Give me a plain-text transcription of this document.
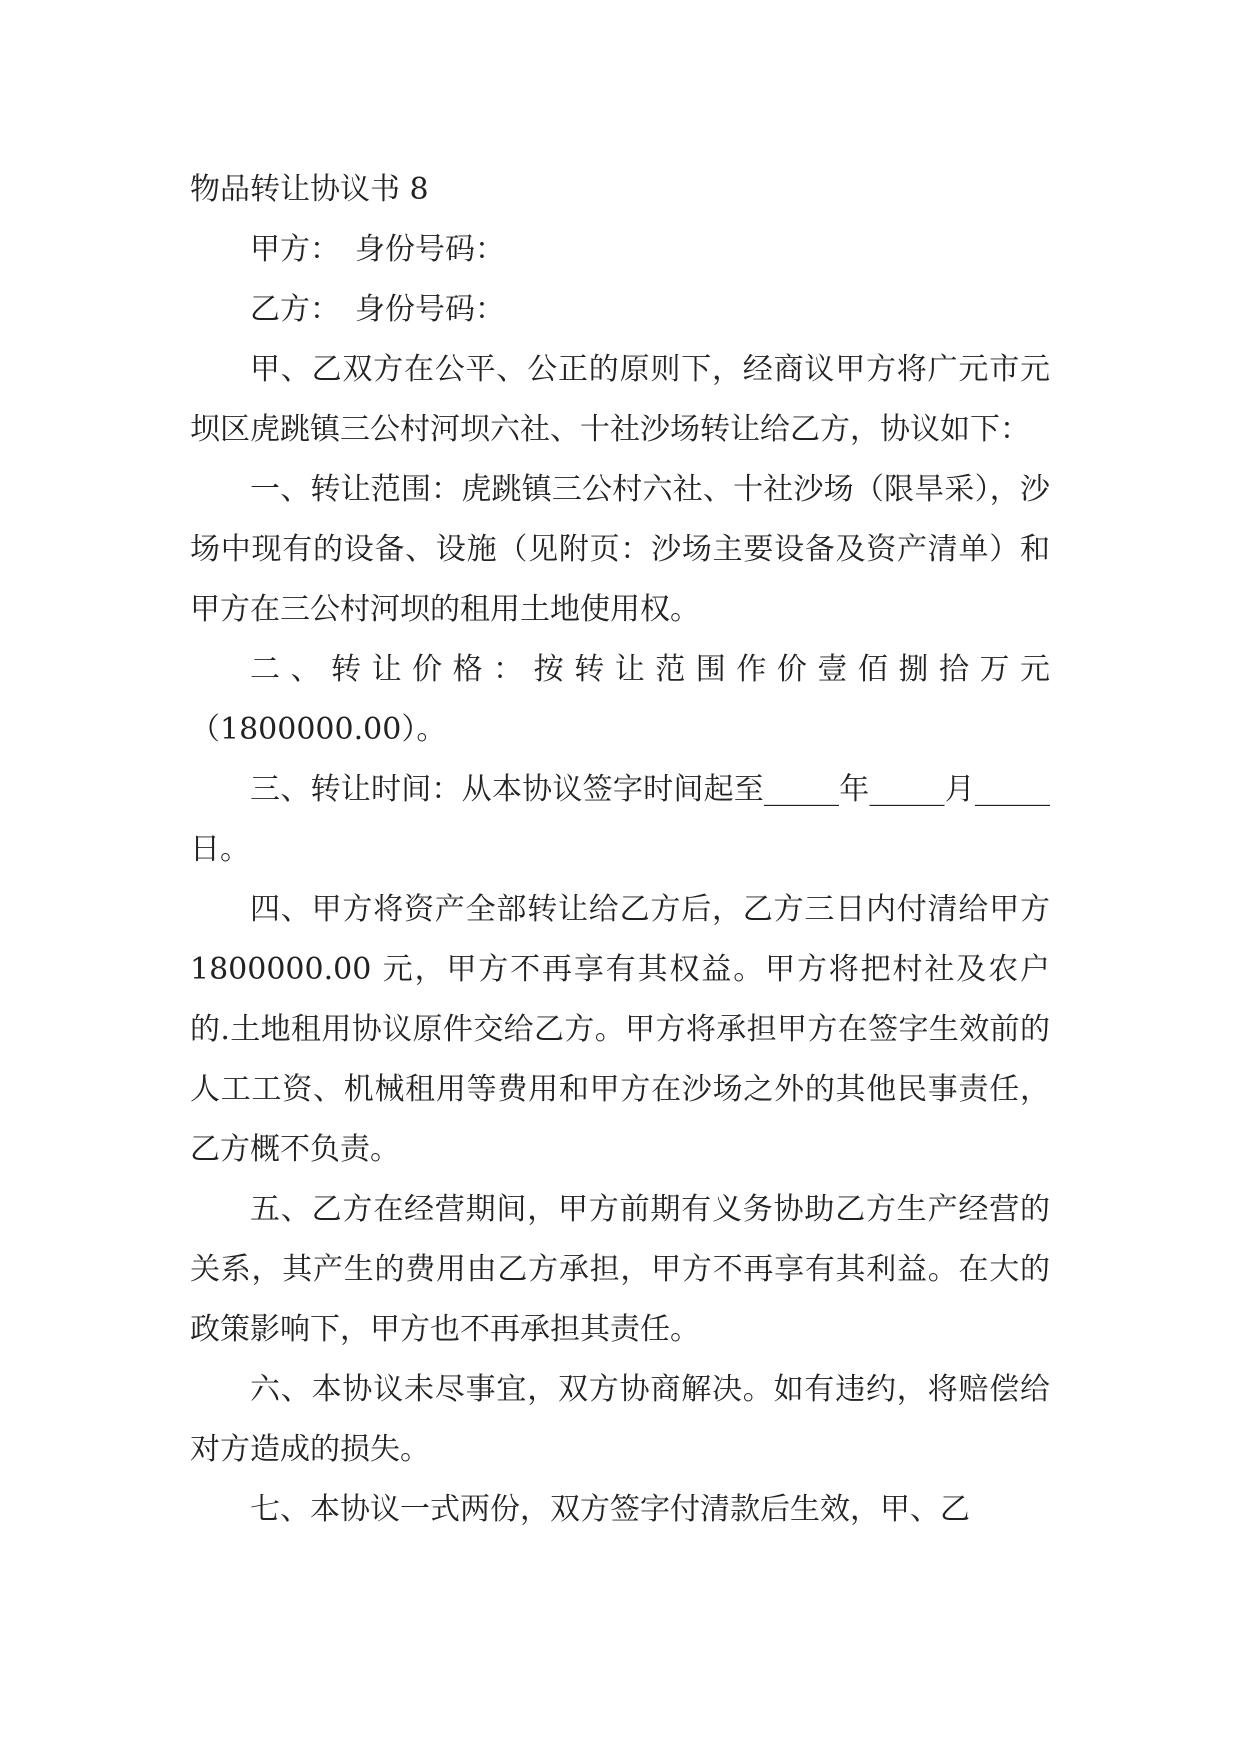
物品转让协议书 8

甲方：　身份号码：

乙方：　身份号码：

甲、乙双方在公平、公正的原则下，经商议甲方将广元市元坝区虎跳镇三公村河坝六社、十社沙场转让给乙方，协议如下：

一、转让范围：虎跳镇三公村六社、十社沙场（限旱采），沙场中现有的设备、设施（见附页：沙场主要设备及资产清单）和甲方在三公村河坝的租用土地使用权。

二、转让价格：按转让范围作价壹佰捌拾万元（1800000.00）。

三、转让时间：从本协议签字时间起至_____年_____月_____日。

四、甲方将资产全部转让给乙方后，乙方三日内付清给甲方 1800000.00 元，甲方不再享有其权益。甲方将把村社及农户的.土地租用协议原件交给乙方。甲方将承担甲方在签字生效前的人工工资、机械租用等费用和甲方在沙场之外的其他民事责任，乙方概不负责。

五、乙方在经营期间，甲方前期有义务协助乙方生产经营的关系，其产生的费用由乙方承担，甲方不再享有其利益。在大的政策影响下，甲方也不再承担其责任。

六、本协议未尽事宜，双方协商解决。如有违约，将赔偿给对方造成的损失。

七、本协议一式两份，双方签字付清款后生效，甲、乙
